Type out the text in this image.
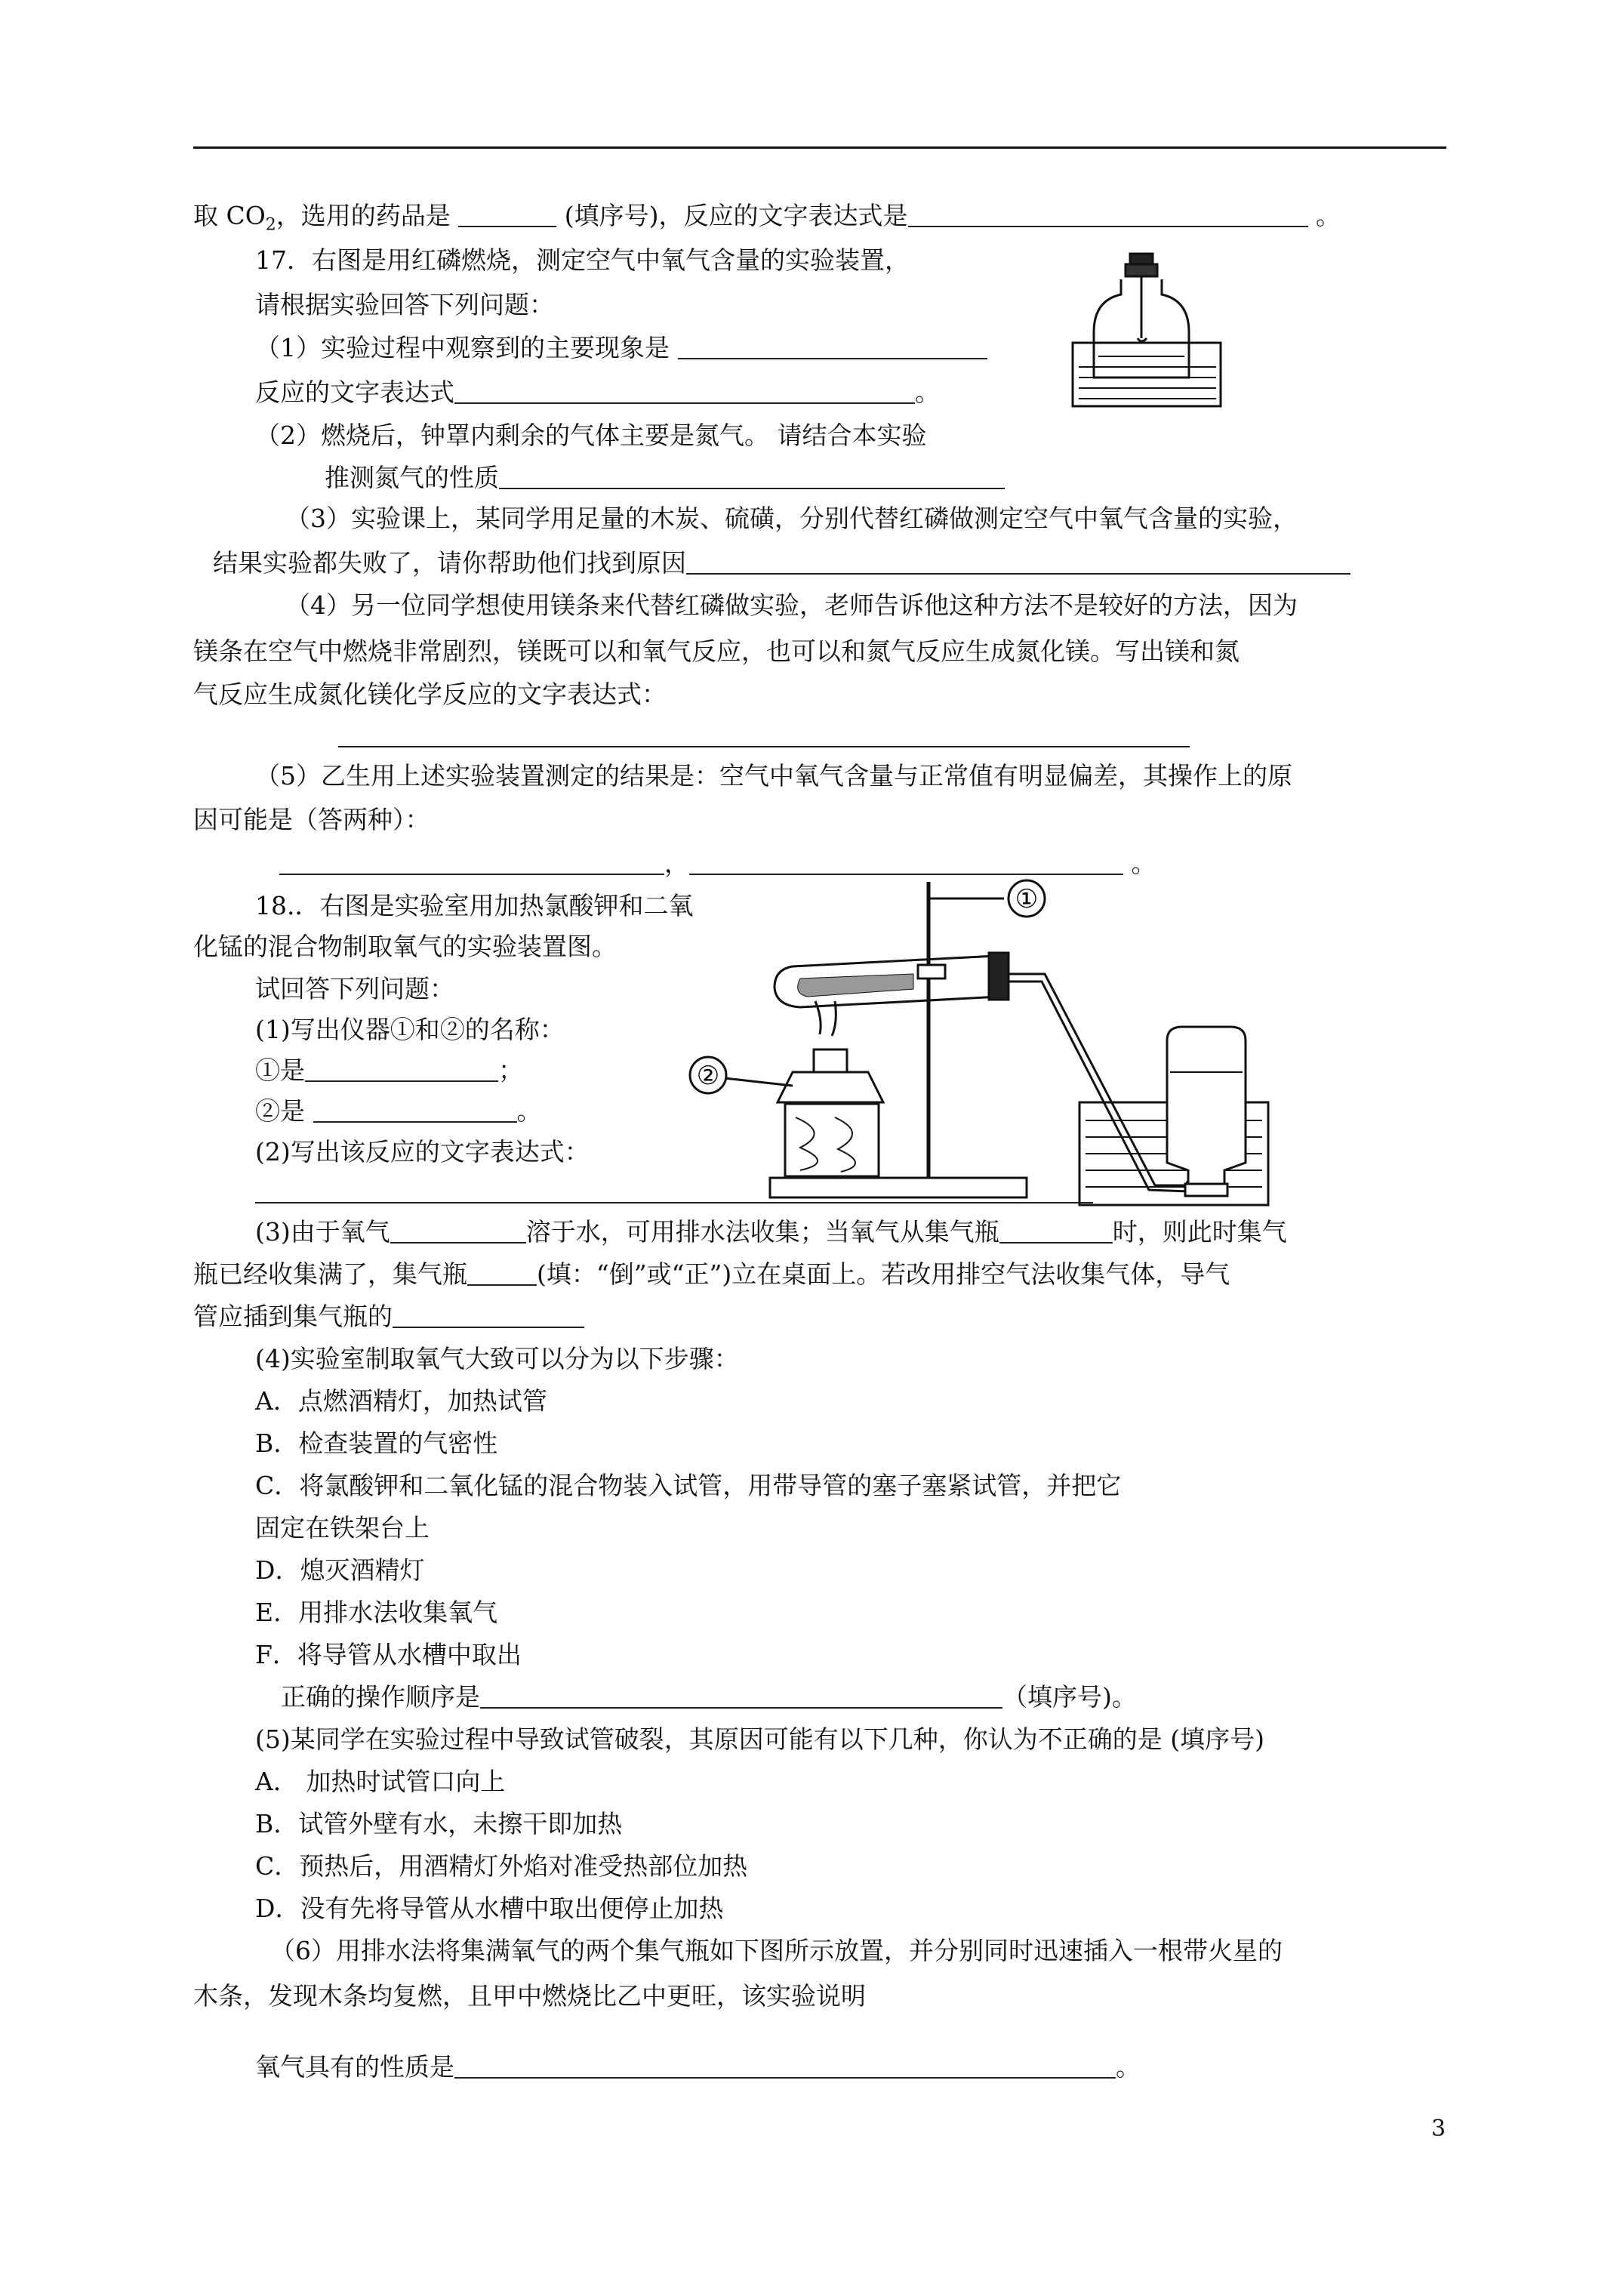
取 $CO_2$，选用的药品是	(填序号)，反应的文字表达式是	。
17．右图是用红磷燃烧，测定空气中氧气含量的实验装置，
请根据实验回答下列问题：
（1）实验过程中观察到的主要现象是
反应的文字表达式	。
（2）燃烧后，钟罩内剩余的气体主要是氮气。 请结合本实验
推测氮气的性质
（3）实验课上，某同学用足量的木炭、硫磺，分别代替红磷做测定空气中氧气含量的实验，
结果实验都失败了，请你帮助他们找到原因
（4）另一位同学想使用镁条来代替红磷做实验，老师告诉他这种方法不是较好的方法，因为
镁条在空气中燃烧非常剧烈，镁既可以和氧气反应，也可以和氮气反应生成氮化镁。写出镁和氮
气反应生成氮化镁化学反应的文字表达式：
（5）乙生用上述实验装置测定的结果是：空气中氧气含量与正常值有明显偏差，其操作上的原
因可能是（答两种）：
，	。
18.．右图是实验室用加热氯酸钾和二氧
化锰的混合物制取氧气的实验装置图。
试回答下列问题：
(1)写出仪器①和②的名称：
①是	；
②是	。
(2)写出该反应的文字表达式：
①
②
(3)由于氧气	溶于水，可用排水法收集；当氧气从集气瓶	时，则此时集气
瓶已经收集满了，集气瓶	(填：“倒”或“正”)立在桌面上。若改用排空气法收集气体，导气
管应插到集气瓶的
(4)实验室制取氧气大致可以分为以下步骤：
A．点燃酒精灯，加热试管
B．检查装置的气密性
C．将氯酸钾和二氧化锰的混合物装入试管，用带导管的塞子塞紧试管，并把它
固定在铁架台上
D．熄灭酒精灯
E．用排水法收集氧气
F．将导管从水槽中取出
正确的操作顺序是	（填序号)。
(5)某同学在实验过程中导致试管破裂，其原因可能有以下几种，你认为不正确的是 (填序号)
A． 加热时试管口向上
B．试管外壁有水，未擦干即加热
C．预热后，用酒精灯外焰对准受热部位加热
D．没有先将导管从水槽中取出便停止加热
（6）用排水法将集满氧气的两个集气瓶如下图所示放置，并分别同时迅速插入一根带火星的
木条，发现木条均复燃，且甲中燃烧比乙中更旺，该实验说明
氧气具有的性质是	。
3
